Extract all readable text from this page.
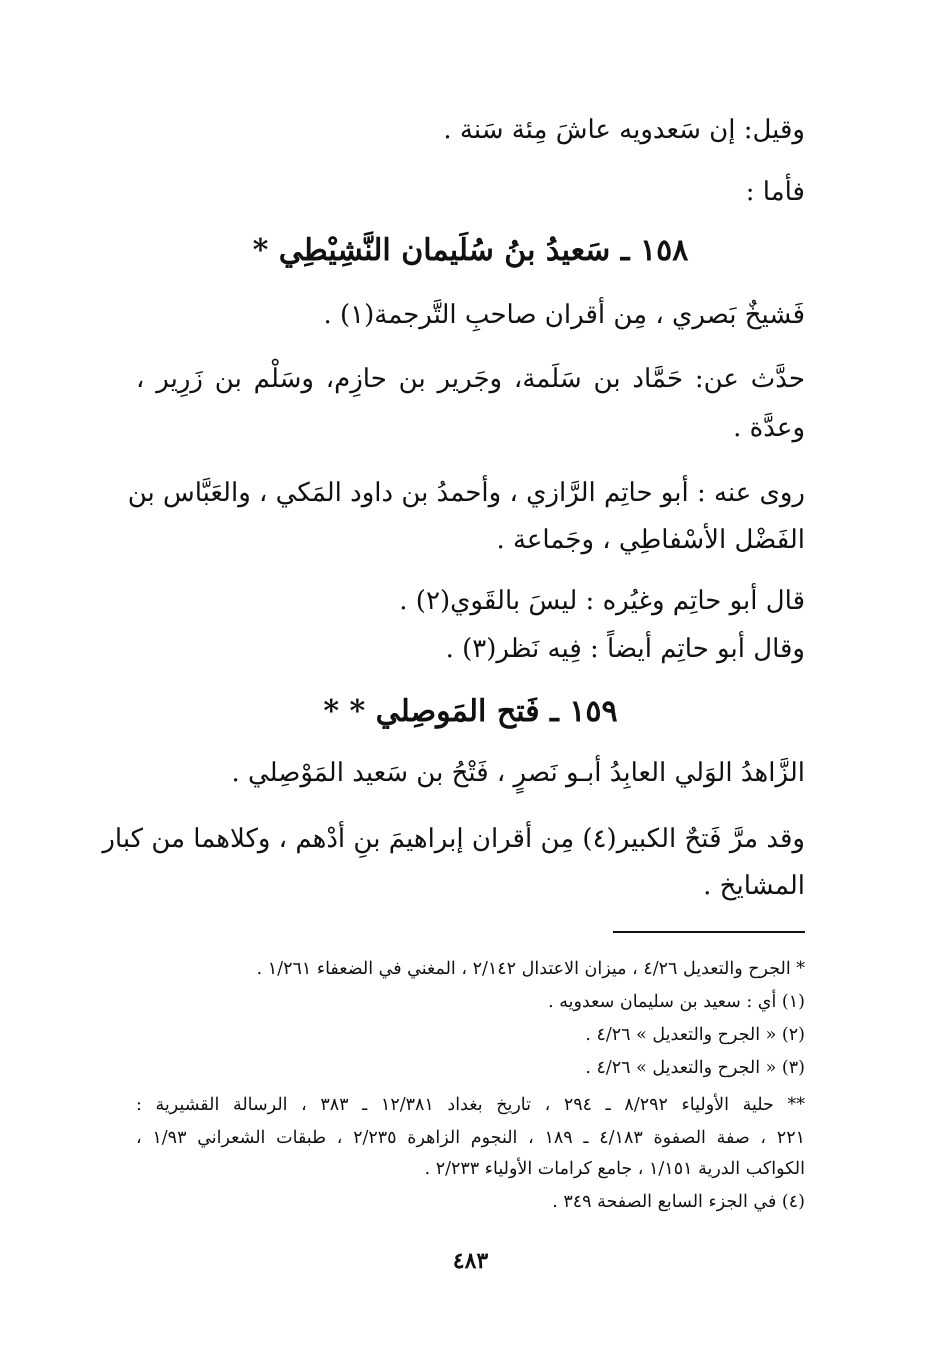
وقيل: إن سَعدويه عاشَ مِئة سَنة .
فأما :
١٥٨ ـ سَعيدُ بنُ سُلَيمان النَّشِيْطِي *
فَشيخٌ بَصري ، مِن أقران صاحبِ التَّرجمة(١) .
حدَّث عن: حَمَّاد بن سَلَمة، وجَرير بن حازِم، وسَلْم بن زَرِير ،
وعدَّة .
روى عنه : أبو حاتِم الرَّازي ، وأحمدُ بن داود المَكي ، والعَبَّاس بن
الفَضْل الأسْفاطِي ، وجَماعة .
قال أبو حاتِم وغيُره : ليسَ بالقَوي(٢) .
وقال أبو حاتِم أيضاً : فِيه نَظر(٣) .
١٥٩ ـ فَتح المَوصِلي * *
الزَّاهدُ الوَلي العابِدُ أبـو نَصرٍ ، فَتْحُ بن سَعيد المَوْصِلي .
وقد مرَّ فَتحٌ الكبير(٤) مِن أقران إبراهيمَ بنِ أدْهم ، وكلاهما من كبار
المشايخ .
* الجرح والتعديل ٤/٢٦ ، ميزان الاعتدال ٢/١٤٢ ، المغني في الضعفاء ١/٢٦١ .
(١) أي : سعيد بن سليمان سعدويه .
(٢) « الجرح والتعديل » ٤/٢٦ .
(٣) « الجرح والتعديل » ٤/٢٦ .
** حلية الأولياء ٨/٢٩٢ ـ ٢٩٤ ، تاريخ بغداد ١٢/٣٨١ ـ ٣٨٣ ، الرسالة القشيرية :
٢٢١ ، صفة الصفوة ٤/١٨٣ ـ ١٨٩ ، النجوم الزاهرة ٢/٢٣٥ ، طبقات الشعراني ١/٩٣ ،
الكواكب الدرية ١/١٥١ ، جامع كرامات الأولياء ٢/٢٣٣ .
(٤) في الجزء السابع الصفحة ٣٤٩ .
٤٨٣
